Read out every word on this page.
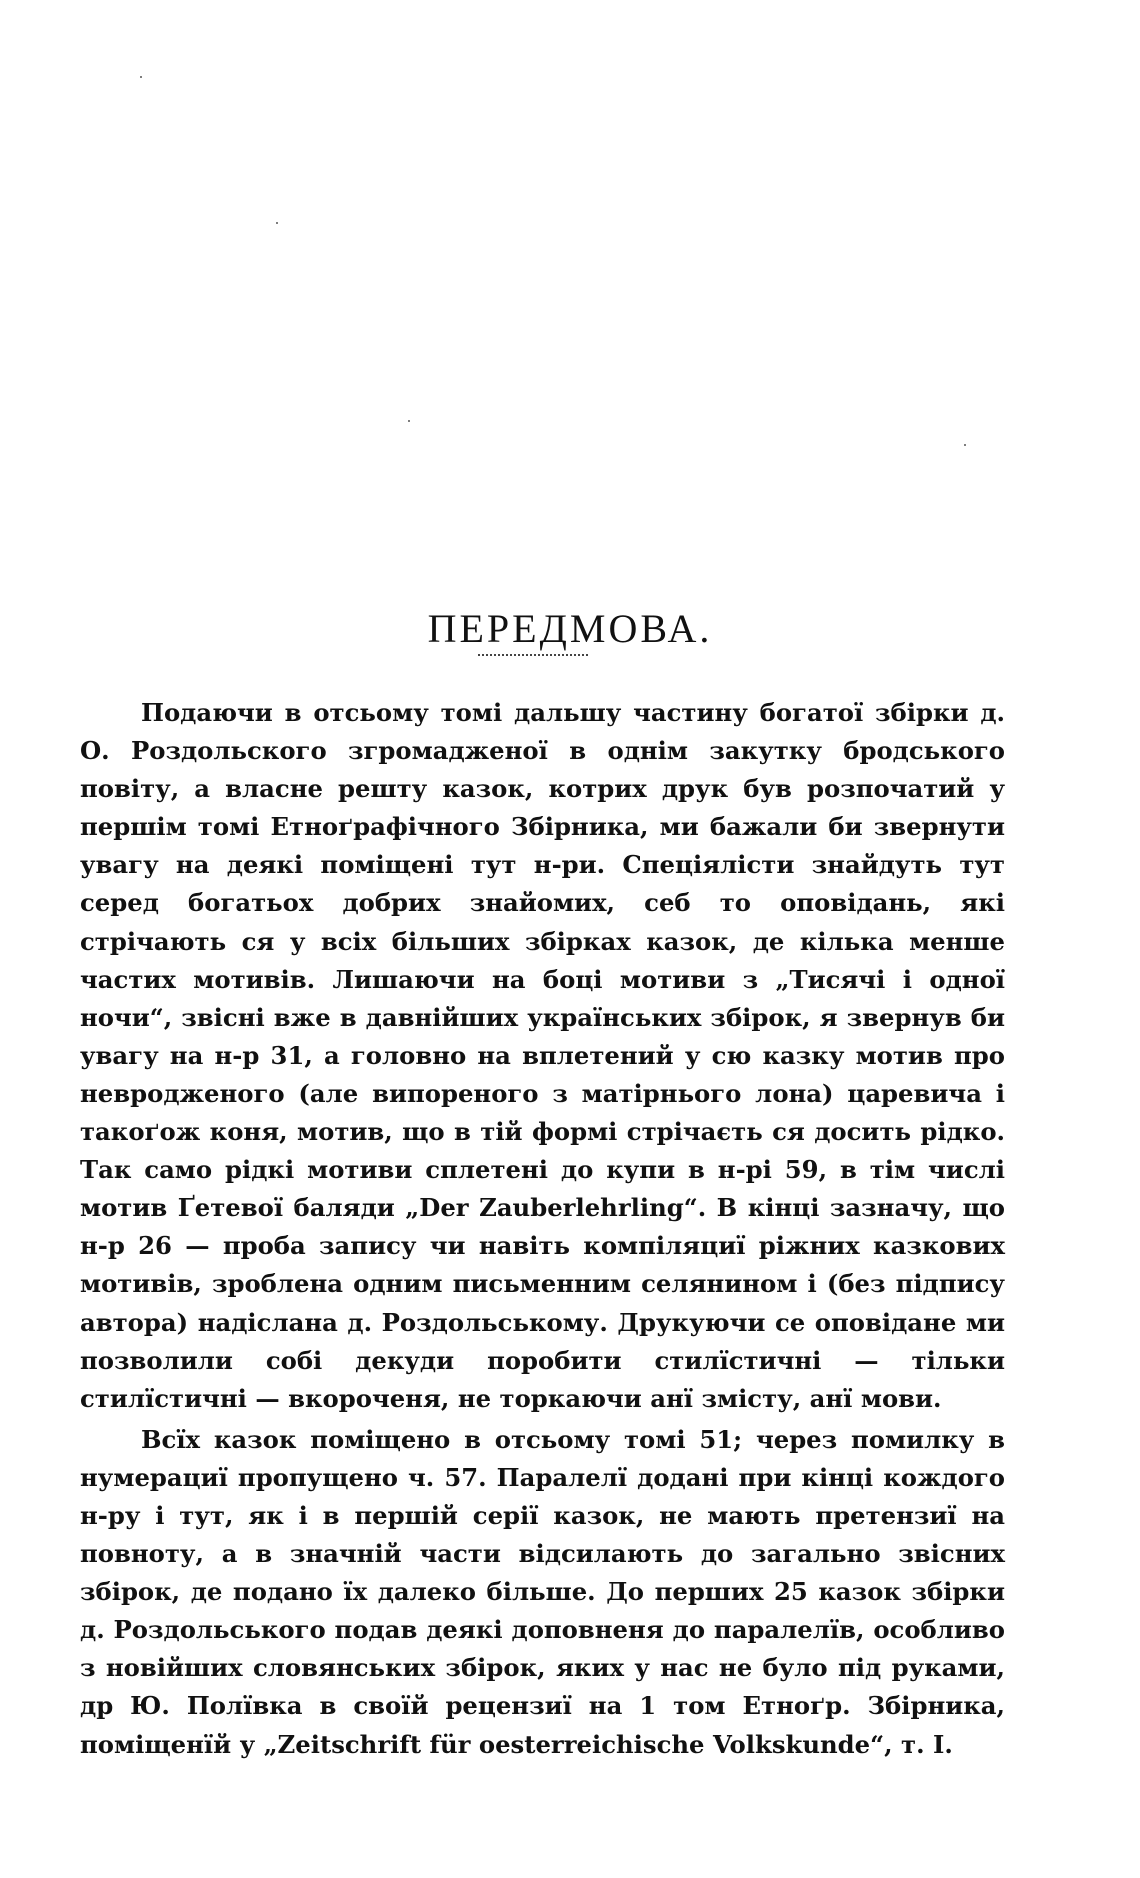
ПЕРЕДМОВА.

Подаючи в отсьому томі дальшу частину богатої збірки д. О. Роздольского згромадженої в однім закутку бродського повіту, а власне решту казок, котрих друк був розпочатий у першім томі Етноґрафічного Збірника, ми бажали би звернути увагу на деякі поміщені тут н-ри. Спеціялісти знайдуть тут серед богатьох добрих знайомих, себ то оповідань, які стрічають ся у всіх більших збірках казок, де кілька менше частих мотивів. Лишаючи на боці мотиви з „Тисячі і одної ночи“, звісні вже в давнійших українських збірок, я звернув би увагу на н-р 31, а головно на вплетений у сю казку мотив про невродженого (але випореного з матірнього лона) царевича і такоґож коня, мотив, що в тій формі стрічаєть ся досить рідко. Так само рідкі мотиви сплетені до купи в н-рі 59, в тім числі мотив Ґетевої баляди „Der Zauberlehrling“. В кінці зазначу, що н-р 26 — проба запису чи навіть компіляциї ріжних казкових мотивів, зроблена одним письменним селянином і (без підпису автора) надіслана д. Роздольському. Друкуючи се оповідане ми позволили собі декуди поробити стилїстичні — тільки стилїстичні — вкороченя, не торкаючи анї змісту, анї мови.

Всїх казок поміщено в отсьому томі 51; через помилку в нумерациї пропущено ч. 57. Паралелї додані при кінці кождого н-ру і тут, як і в першій серії казок, не мають претензиї на повноту, а в значній части відсилають до загально звісних збірок, де подано їх далеко більше. До перших 25 казок збірки д. Роздольського подав деякі доповненя до паралелїв, особливо з новійших словянських збірок, яких у нас не було під руками, др Ю. Полївка в своїй рецензиї на 1 том Етноґр. Збірника, поміщенїй у „Zeitschrift für oesterreichische Volkskunde“, т. I.
